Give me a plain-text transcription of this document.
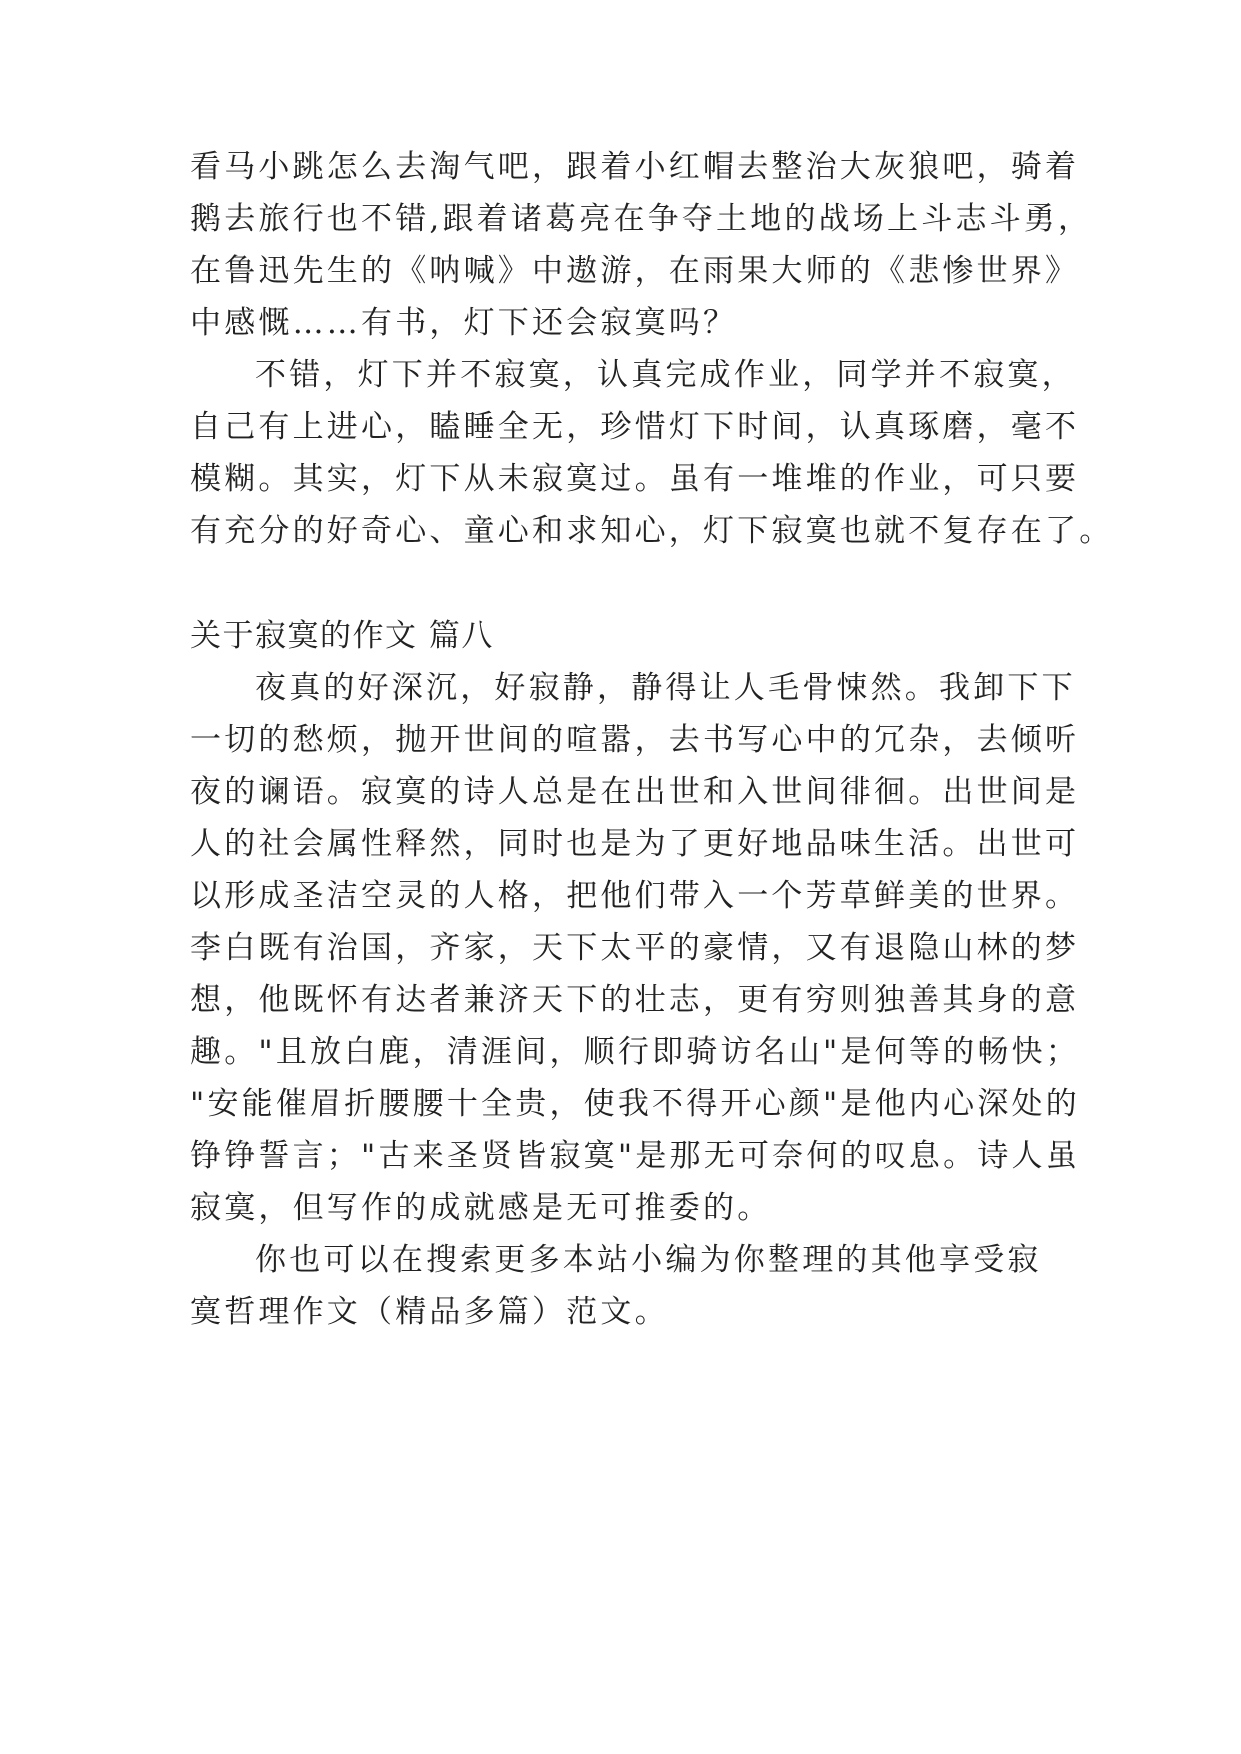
看马小跳怎么去淘气吧，跟着小红帽去整治大灰狼吧，骑着

鹅去旅行也不错,跟着诸葛亮在争夺土地的战场上斗志斗勇，

在鲁迅先生的《呐喊》中遨游，在雨果大师的《悲惨世界》

中感慨……有书，灯下还会寂寞吗？

不错，灯下并不寂寞，认真完成作业，同学并不寂寞，

自己有上进心，瞌睡全无，珍惜灯下时间，认真琢磨，毫不

模糊。其实，灯下从未寂寞过。虽有一堆堆的作业，可只要

有充分的好奇心、童心和求知心，灯下寂寞也就不复存在了。

关于寂寞的作文 篇八

夜真的好深沉，好寂静，静得让人毛骨悚然。我卸下下

一切的愁烦，抛开世间的喧嚣，去书写心中的冗杂，去倾听

夜的谰语。寂寞的诗人总是在出世和入世间徘徊。出世间是

人的社会属性释然，同时也是为了更好地品味生活。出世可

以形成圣洁空灵的人格，把他们带入一个芳草鲜美的世界。

李白既有治国，齐家，天下太平的豪情，又有退隐山林的梦

想，他既怀有达者兼济天下的壮志，更有穷则独善其身的意

趣。"且放白鹿，清涯间，顺行即骑访名山"是何等的畅快；

"安能催眉折腰腰十全贵，使我不得开心颜"是他内心深处的

铮铮誓言；"古来圣贤皆寂寞"是那无可奈何的叹息。诗人虽

寂寞，但写作的成就感是无可推委的。

你也可以在搜索更多本站小编为你整理的其他享受寂

寞哲理作文（精品多篇）范文。
